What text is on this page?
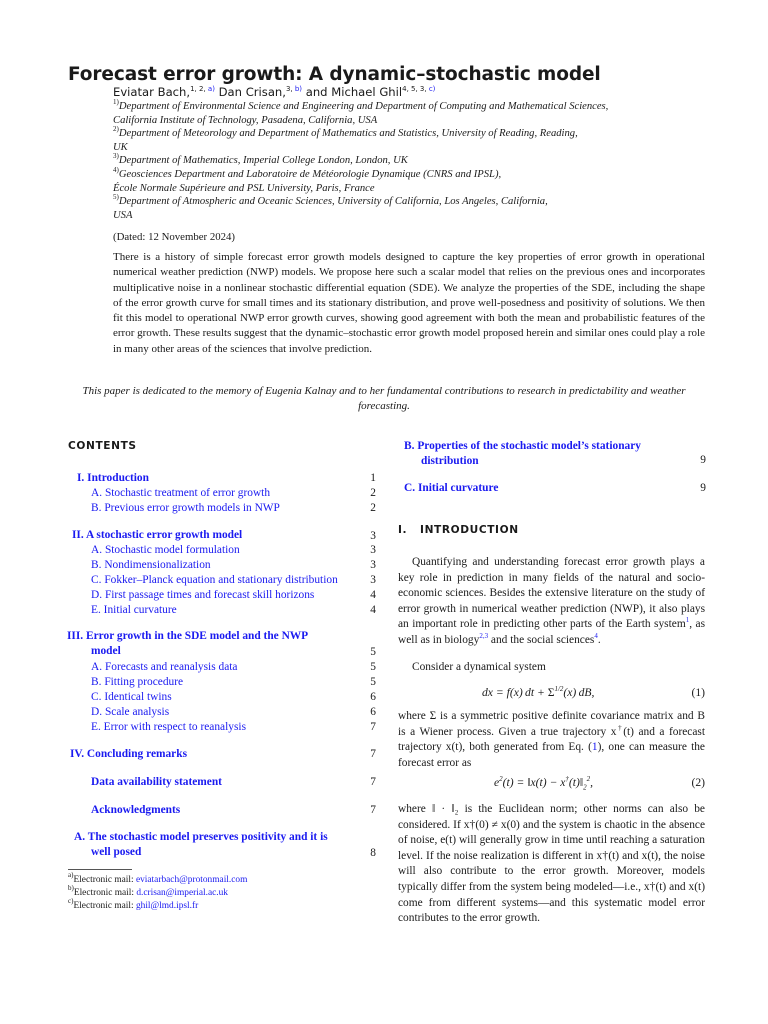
Forecast error growth: A dynamic–stochastic model
Eviatar Bach,$^{1, 2, a)}$ Dan Crisan,$^{3, b)}$ and Michael Ghil$^{4, 5, 3, c)}$
$^{1)}$Department of Environmental Science and Engineering and Department of Computing and Mathematical Sciences,
California Institute of Technology, Pasadena, California, USA
$^{2)}$Department of Meteorology and Department of Mathematics and Statistics, University of Reading, Reading,
UK
$^{3)}$Department of Mathematics, Imperial College London, London, UK
$^{4)}$Geosciences Department and Laboratoire de Météorologie Dynamique (CNRS and IPSL),
École Normale Supérieure and PSL University, Paris, France
$^{5)}$Department of Atmospheric and Oceanic Sciences, University of California, Los Angeles, California,
USA
(Dated: 12 November 2024)
There is a history of simple forecast error growth models designed to capture the key properties of error growth in operational numerical weather prediction (NWP) models. We propose here such a scalar model that relies on the previous ones and incorporates multiplicative noise in a nonlinear stochastic differential equation (SDE). We analyze the properties of the SDE, including the shape of the error growth curve for small times and its stationary distribution, and prove well-posedness and positivity of solutions. We then fit this model to operational NWP error growth curves, showing good agreement with both the mean and probabilistic features of the error growth. These results suggest that the dynamic–stochastic error growth model proposed herein and similar ones could play a role in many other areas of the sciences that involve prediction.
This paper is dedicated to the memory of Eugenia Kalnay and to her fundamental contributions to research in predictability and weather forecasting.
CONTENTS
I. Introduction	1
A. Stochastic treatment of error growth	2
B. Previous error growth models in NWP	2
II. A stochastic error growth model	3
A. Stochastic model formulation	3
B. Nondimensionalization	3
C. Fokker–Planck equation and stationary distribution	3
D. First passage times and forecast skill horizons	4
E. Initial curvature	4
III. Error growth in the SDE model and the NWP
model	5
A. Forecasts and reanalysis data	5
B. Fitting procedure	5
C. Identical twins	6
D. Scale analysis	6
E. Error with respect to reanalysis	7
IV. Concluding remarks	7
Data availability statement	7
Acknowledgments	7
A. The stochastic model preserves positivity and it is
well posed	8
B. Properties of the stochastic model’s stationary
distribution	9
C. Initial curvature	9
I. INTRODUCTION
Quantifying and understanding forecast error growth plays a key role in prediction in many fields of the natural and socio-economic sciences. Besides the extensive literature on the study of error growth in numerical weather prediction (NWP), it also plays an important role in predicting other parts of the Earth system$^1$, as well as in biology$^{2,3}$ and the social sciences$^4$.
Consider a dynamical system
dx = f(x) dt + $\Sigma^{1/2}(x)$ dB,	(1)
where Σ is a symmetric positive definite covariance matrix and B is a Wiener process. Given a true trajectory x†(t) and a forecast trajectory x(t), both generated from Eq. (1), one can measure the forecast error as
$e^2(t)$ = ‖x(t) − $x^\dagger(t)‖_2^2$,	(2)
where ‖ · ‖₂ is the Euclidean norm; other norms can also be considered. If x†(0) ≠ x(0) and the system is chaotic in the absence of noise, e(t) will generally grow in time until reaching a saturation level. If the noise realization is different in x†(t) and x(t), the noise will also contribute to the error growth. Moreover, models typically differ from the system being modeled—i.e., x†(t) and x(t) come from different systems—and this systematic model error contributes to the error growth.
$^{a)}$Electronic mail: eviatarbach@protonmail.com
$^{b)}$Electronic mail: d.crisan@imperial.ac.uk
$^{c)}$Electronic mail: ghil@lmd.ipsl.fr
